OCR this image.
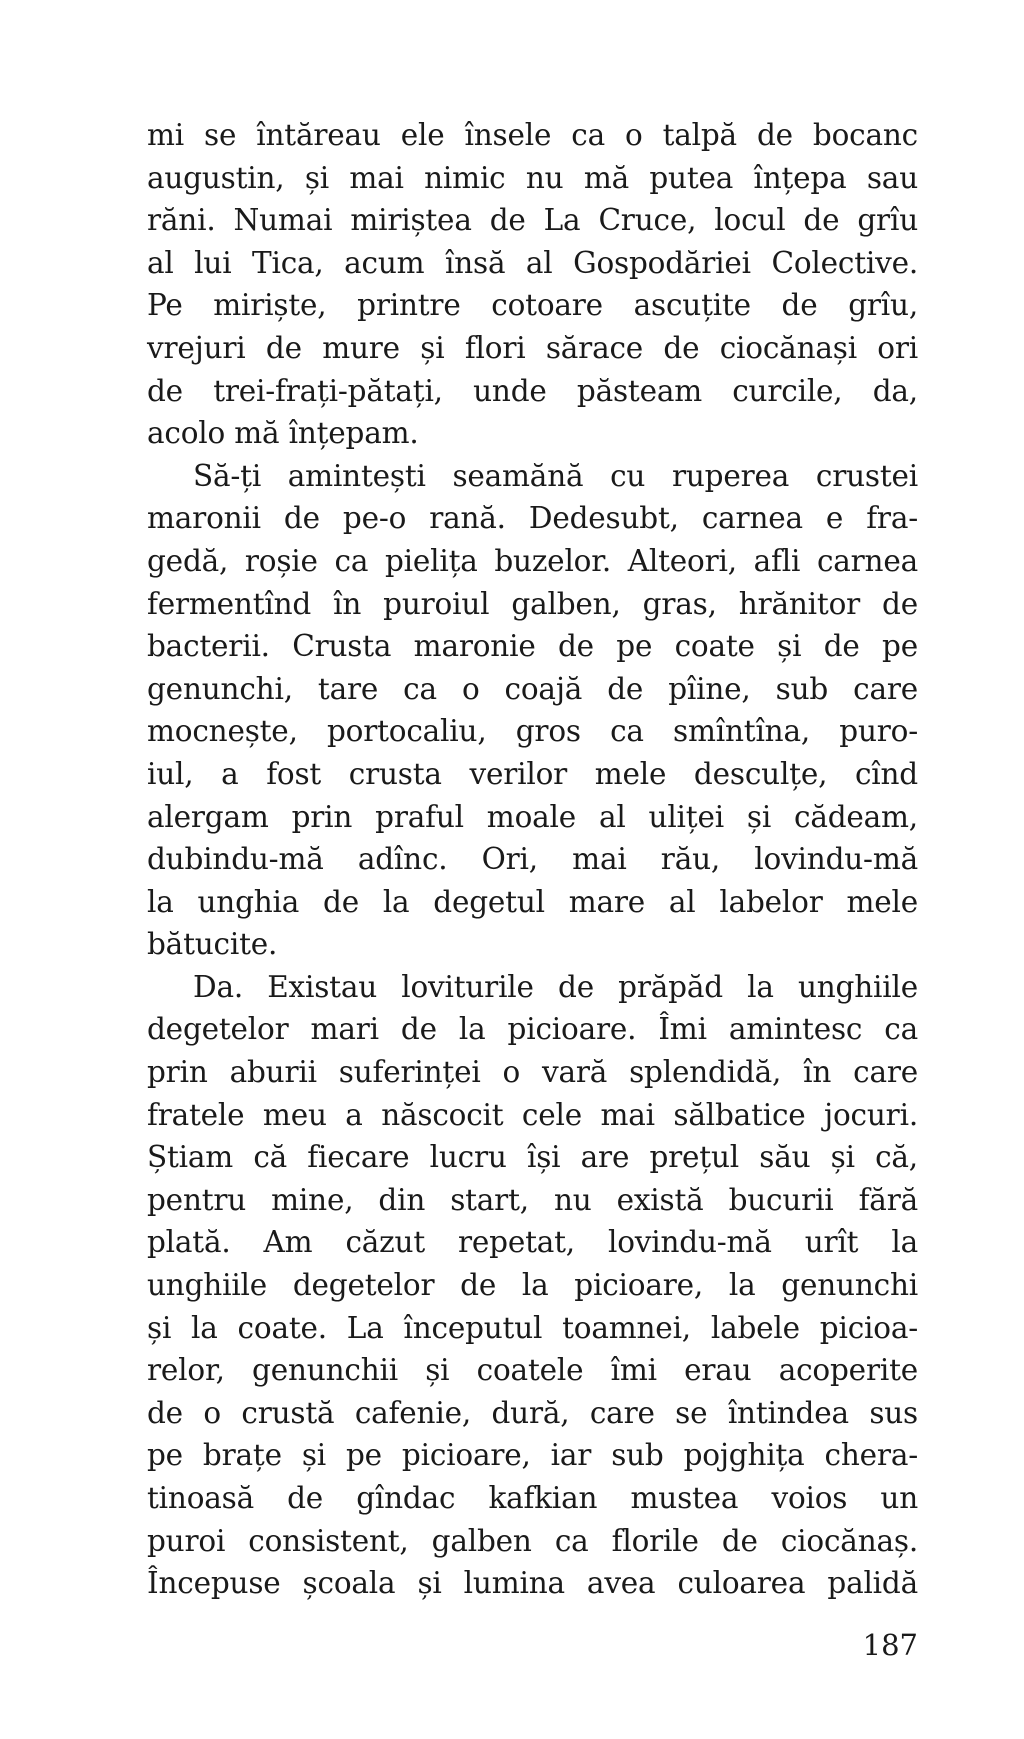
mi se întăreau ele însele ca o talpă de bocanc
augustin, și mai nimic nu mă putea înțepa sau
răni. Numai miriștea de La Cruce, locul de grîu
al lui Tica, acum însă al Gospodăriei Colective.
Pe miriște, printre cotoare ascuțite de grîu,
vrejuri de mure și flori sărace de ciocănași ori
de trei-frați-pătați, unde păsteam curcile, da,
acolo mă înțepam.
Să-ți amintești seamănă cu ruperea crustei
maronii de pe-o rană. Dedesubt, carnea e fra-
gedă, roșie ca pielița buzelor. Alteori, afli carnea
fermentînd în puroiul galben, gras, hrănitor de
bacterii. Crusta maronie de pe coate și de pe
genunchi, tare ca o coajă de pîine, sub care
mocnește, portocaliu, gros ca smîntîna, puro-
iul, a fost crusta verilor mele desculțe, cînd
alergam prin praful moale al uliței și cădeam,
dubindu-mă adînc. Ori, mai rău, lovindu-mă
la unghia de la degetul mare al labelor mele
bătucite.
Da. Existau loviturile de prăpăd la unghiile
degetelor mari de la picioare. Îmi amintesc ca
prin aburii suferinței o vară splendidă, în care
fratele meu a născocit cele mai sălbatice jocuri.
Știam că fiecare lucru își are prețul său și că,
pentru mine, din start, nu există bucurii fără
plată. Am căzut repetat, lovindu-mă urît la
unghiile degetelor de la picioare, la genunchi
și la coate. La începutul toamnei, labele picioa-
relor, genunchii și coatele îmi erau acoperite
de o crustă cafenie, dură, care se întindea sus
pe brațe și pe picioare, iar sub pojghița chera-
tinoasă de gîndac kafkian mustea voios un
puroi consistent, galben ca florile de ciocănaș.
Începuse școala și lumina avea culoarea palidă
187
